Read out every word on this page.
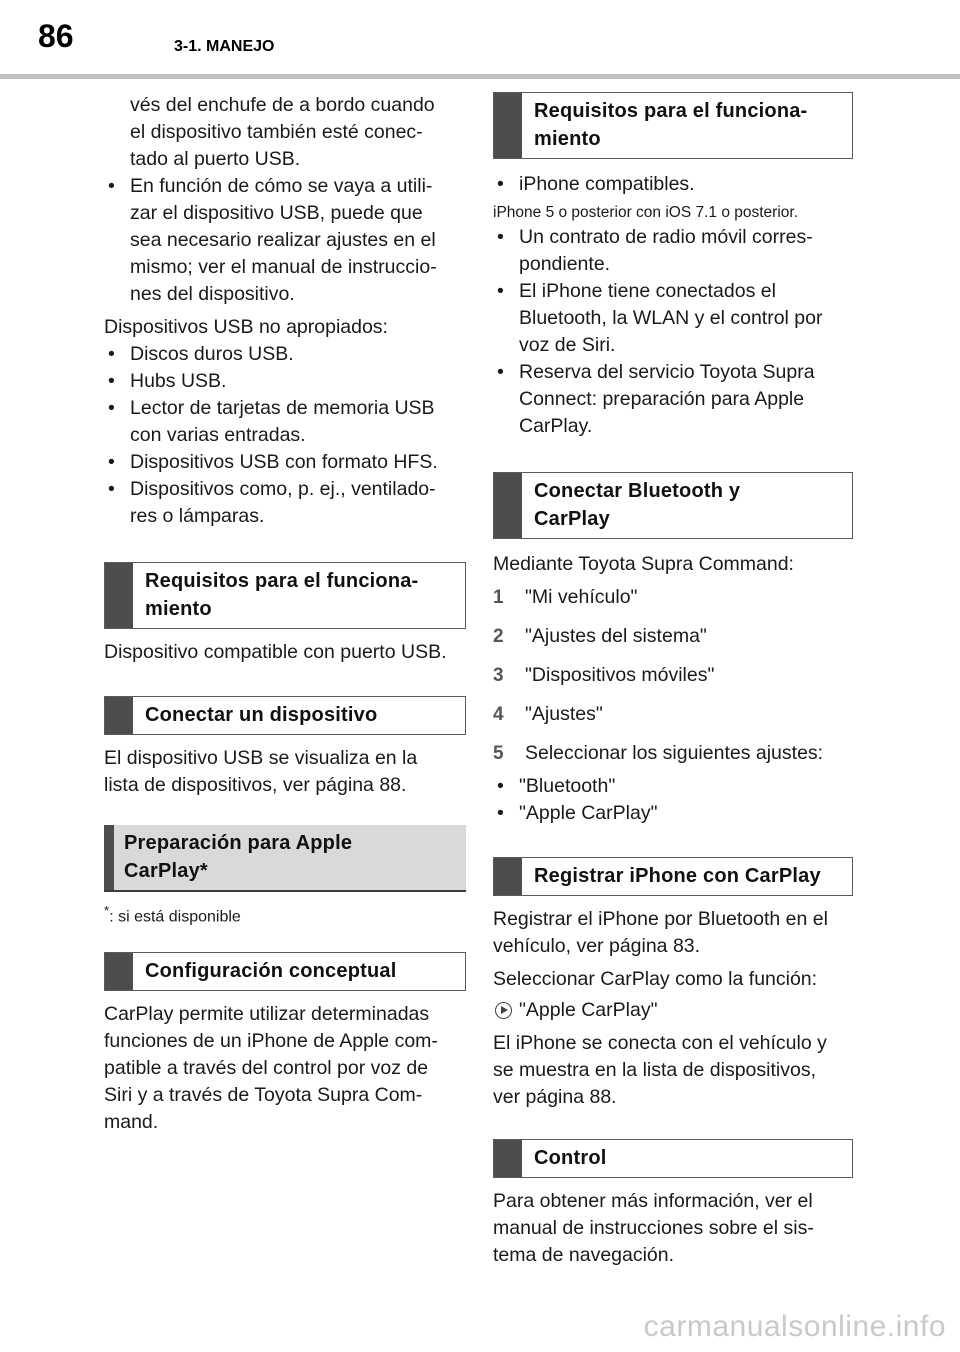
86	3-1. MANEJO

vés del enchufe de a bordo cuando
el dispositivo también esté conec-
tado al puerto USB.

• En función de cómo se vaya a utili-
zar el dispositivo USB, puede que
sea necesario realizar ajustes en el
mismo; ver el manual de instruccio-
nes del dispositivo.

Dispositivos USB no apropiados:

• Discos duros USB.

• Hubs USB.

• Lector de tarjetas de memoria USB
con varias entradas.

• Dispositivos USB con formato HFS.

• Dispositivos como, p. ej., ventilado-
res o lámparas.

Requisitos para el funciona-
miento

Dispositivo compatible con puerto USB.

Conectar un dispositivo

El dispositivo USB se visualiza en la
lista de dispositivos, ver página 88.

Preparación para Apple
CarPlay*

*: si está disponible

Configuración conceptual

CarPlay permite utilizar determinadas
funciones de un iPhone de Apple com-
patible a través del control por voz de
Siri y a través de Toyota Supra Com-
mand.

Requisitos para el funciona-
miento

• iPhone compatibles.

iPhone 5 o posterior con iOS 7.1 o posterior.

• Un contrato de radio móvil corres-
pondiente.

• El iPhone tiene conectados el
Bluetooth, la WLAN y el control por
voz de Siri.

• Reserva del servicio Toyota Supra
Connect: preparación para Apple
CarPlay.

Conectar Bluetooth y
CarPlay

Mediante Toyota Supra Command:

1 "Mi vehículo"
2 "Ajustes del sistema"
3 "Dispositivos móviles"
4 "Ajustes"
5 Seleccionar los siguientes ajustes:

• "Bluetooth"

• "Apple CarPlay"

Registrar iPhone con CarPlay

Registrar el iPhone por Bluetooth en el
vehículo, ver página 83.

Seleccionar CarPlay como la función:

"Apple CarPlay"

El iPhone se conecta con el vehículo y
se muestra en la lista de dispositivos,
ver página 88.

Control

Para obtener más información, ver el
manual de instrucciones sobre el sis-
tema de navegación.

carmanualsonline.info
